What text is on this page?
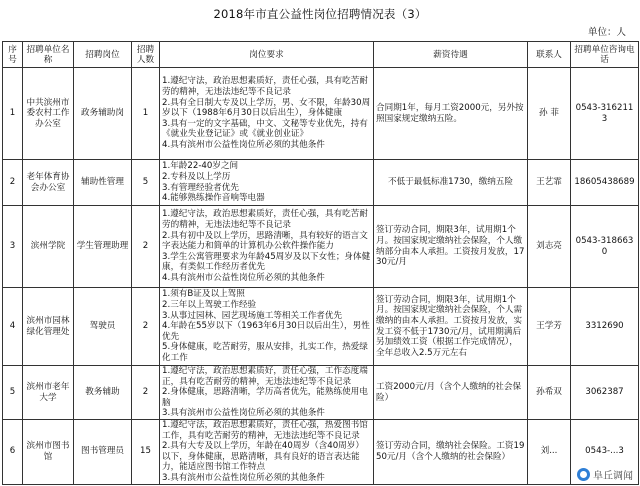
2018年市直公益性岗位招聘情况表（3）
单位：人
序号	招聘单位名称	招聘岗位	招聘人数	岗位要求	薪资待遇	联系人	招聘单位咨询电话
1	中共滨州市委农村工作办公室	政务辅助岗	1	1.遵纪守法，政治思想素质好，责任心强，具有吃苦耐劳的精神，无违法违纪等不良记录

2.具有全日制大专及以上学历，男、女不限，年龄30周岁以下（1988年6月30日以后出生），身体健康

3.具有一定的文字基础，中文、文秘等专业优先，持有《就业失业登记证》或《就业创业证》

4.具有滨州市公益性岗位所必须的其他条件	合同期1年，每月工资2000元，另外按照国家规定缴纳五险。	孙 菲	0543-3162113
2	老年体育协会办公室	辅助性管理	5	1.年龄22-40岁之间

2.专科及以上学历

3.有管理经验者优先

4.能够熟练操作音响等电器	不低于最低标准1730，缴纳五险	王艺霏	18605438689
3	滨州学院	学生管理助理	2	1.遵纪守法，政治思想素质好，责任心强，具有吃苦耐劳的精神，无违法违纪等不良记录

2.具有初中及以上学历，思路清晰，具有较好的语言文字表达能力和简单的计算机办公软件操作能力

3.学生公寓管理要求为年龄45周岁及以下女性；身体健康，有类似工作经历者优先

4.具有滨州市公益性岗位所必须的其他条件	签订劳动合同，期限3年，试用期1个月。按国家规定缴纳社会保险，个人缴纳部分由本人承担。工资按月发放，1730元/月	刘志亮	0543-3186630
4	滨州市园林绿化管理处	驾驶员	2	1.须有B证及以上驾照

2.三年以上驾驶工作经验

3.从事过园林、园艺现场施工等相关工作者优先

4.年龄在55岁以下（1963年6月30日以后出生），男性优先

5.身体健康，吃苦耐劳，服从安排，扎实工作，热爱绿化工作	签订劳动合同，期限3年，试用期1个月。按国家规定缴纳社会保险，个人需缴纳的由本人承担。工资按月发放，实发工资不低于1730元/月，试用期满后另加绩效工资（根据工作完成情况），全年总收入2.5万元左右	王学芳	3312690
5	滨州市老年大学	教务辅助	2	1.遵纪守法，政治思想素质好，责任心强，工作态度端正，具有吃苦耐劳的精神，无违法违纪等不良记录

2.身体健康，思路清晰，学历高者优先，能熟练使用电脑

3.具有滨州市公益性岗位所必须的其他条件	工资2000元/月（含个人缴纳的社会保险）	孙希双	3062387
6	滨州市图书馆	图书管理员	15	1.遵纪守法，政治思想素质好，责任心强，热爱图书馆工作，具有吃苦耐劳的精神，无违法违纪等不良记录

2.具有大专及以上学历，年龄在40周岁（含40周岁）以下，身体健康，思路清晰，具有良好的语言表达能力，能适应图书馆工作特点

3.具有滨州市公益性岗位所必须的其他条件	签订劳动合同，缴纳社会保险。工资1950元/月（含个人缴纳的社会保险）	刘...	0543-...3
阜丘调闻
